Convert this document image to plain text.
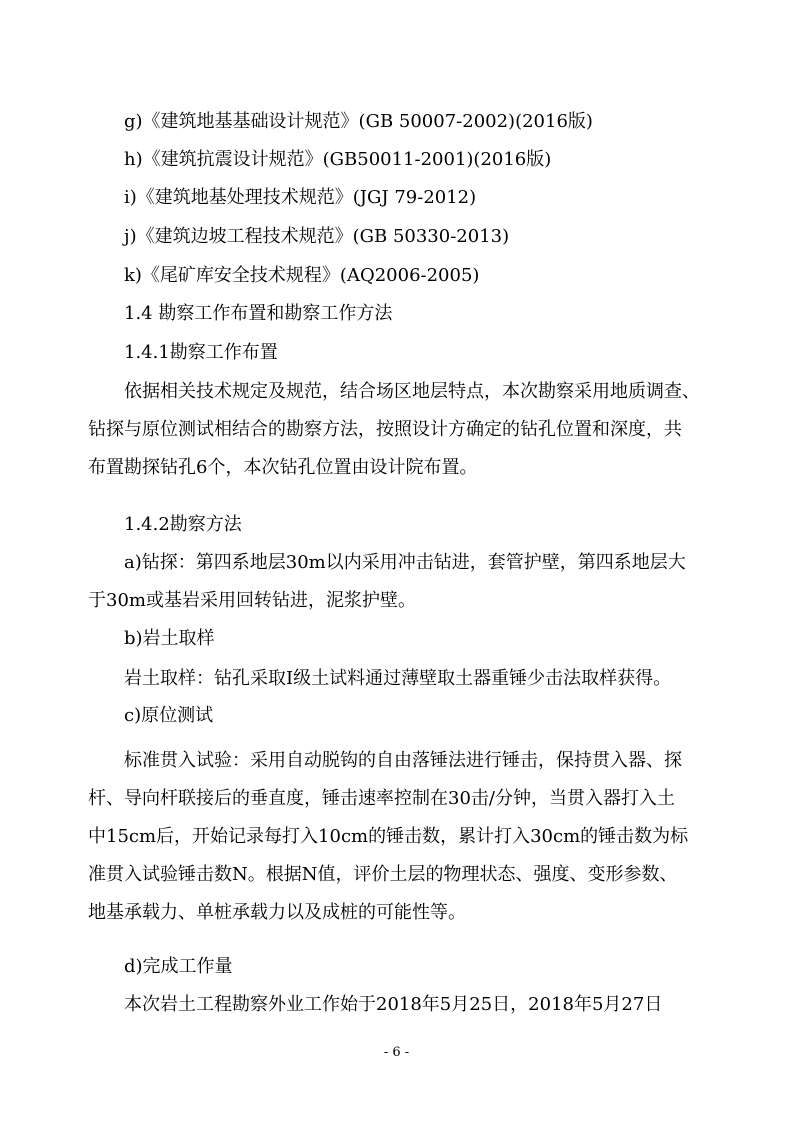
g)《建筑地基基础设计规范》(GB 50007-2002)(2016版)
h)《建筑抗震设计规范》(GB50011-2001)(2016版)
i)《建筑地基处理技术规范》(JGJ 79-2012)
j)《建筑边坡工程技术规范》(GB 50330-2013)
k)《尾矿库安全技术规程》(AQ2006-2005)
1.4 勘察工作布置和勘察工作方法
1.4.1勘察工作布置
依据相关技术规定及规范，结合场区地层特点，本次勘察采用地质调查、
钻探与原位测试相结合的勘察方法，按照设计方确定的钻孔位置和深度，共
布置勘探钻孔6个，本次钻孔位置由设计院布置。
1.4.2勘察方法
a)钻探：第四系地层30m以内采用冲击钻进，套管护壁，第四系地层大
于30m或基岩采用回转钻进，泥浆护壁。
b)岩土取样
岩土取样：钻孔采取Ⅰ级土试料通过薄壁取土器重锤少击法取样获得。
c)原位测试
标准贯入试验：采用自动脱钩的自由落锤法进行锤击，保持贯入器、探
杆、导向杆联接后的垂直度，锤击速率控制在30击/分钟，当贯入器打入土
中15cm后，开始记录每打入10cm的锤击数，累计打入30cm的锤击数为标
准贯入试验锤击数N。根据N值，评价土层的物理状态、强度、变形参数、
地基承载力、单桩承载力以及成桩的可能性等。
d)完成工作量
本次岩土工程勘察外业工作始于2018年5月25日，2018年5月27日
- 6 -
